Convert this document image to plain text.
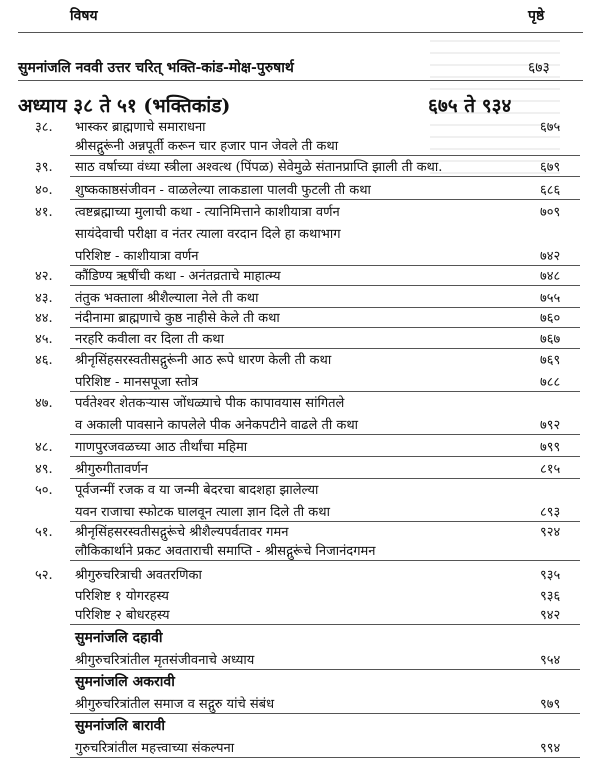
विषय	पृष्ठे
सुमनांजलि नववी उत्तर चरित् भक्ति-कांड-मोक्ष-पुरुषार्थ	६७३
अध्याय ३८ ते ५१ (भक्तिकांड)	६७५ ते ९३४
३८. भास्कर ब्राह्मणाचे समाराधना	६७५
श्रीसद्गुरूंनी अन्नपूर्ती करून चार हजार पान जेवले ती कथा
३९. साठ वर्षाच्या वंध्या स्त्रीला अश्वत्थ (पिंपळ) सेवेमुळे संतानप्राप्ति झाली ती कथा.	६७९
४०. शुष्ककाष्ठसंजीवन - वाळलेल्या लाकडाला पालवी फुटली ती कथा	६८६
४१. त्वष्टब्रह्माच्या मुलाची कथा - त्यानिमित्ताने काशीयात्रा वर्णन	७०९
सायंदेवाची परीक्षा व नंतर त्याला वरदान दिले हा कथाभाग
परिशिष्ट - काशीयात्रा वर्णन	७४२
४२. कौंडिण्य ऋषींची कथा - अनंतव्रताचे माहात्म्य	७४८
४३. तंतुक भक्ताला श्रीशैल्याला नेले ती कथा	७५५
४४. नंदीनामा ब्राह्मणाचे कुष्ठ नाहीसे केले ती कथा	७६०
४५. नरहरि कवीला वर दिला ती कथा	७६७
४६. श्रीनृसिंहसरस्वतीसद्गुरूंनी आठ रूपे धारण केली ती कथा	७६९
परिशिष्ट - मानसपूजा स्तोत्र	७८८
४७. पर्वतेश्वर शेतकऱ्यास जोंधळ्याचे पीक कापावयास सांगितले
व अकाली पावसाने कापलेले पीक अनेकपटीने वाढले ती कथा	७९२
४८. गाणपुरजवळच्या आठ तीर्थांचा महिमा	७९९
४९. श्रीगुरुगीतावर्णन	८१५
५०. पूर्वजन्मीं रजक व या जन्मी बेदरचा बादशहा झालेल्या
यवन राजाचा स्फोटक घालवून त्याला ज्ञान दिले ती कथा	८९३
५१. श्रीनृसिंहसरस्वतीसद्गुरूंचे श्रीशैल्यपर्वतावर गमन	९२४
लौकिकार्थाने प्रकट अवताराची समाप्ति - श्रीसद्गुरूंचे निजानंदगमन
५२. श्रीगुरुचरित्राची अवतरणिका	९३५
परिशिष्ट १ योगरहस्य	९३६
परिशिष्ट २ बोधरहस्य	९४२
सुमनांजलि दहावी
श्रीगुरुचरित्रांतील मृतसंजीवनाचे अध्याय	९५४
सुमनांजलि अकरावी
श्रीगुरुचरित्रांतील समाज व सद्गुरु यांचे संबंध	९७९
सुमनांजलि बारावी
गुरुचरित्रांतील महत्त्वाच्या संकल्पना	९९४
